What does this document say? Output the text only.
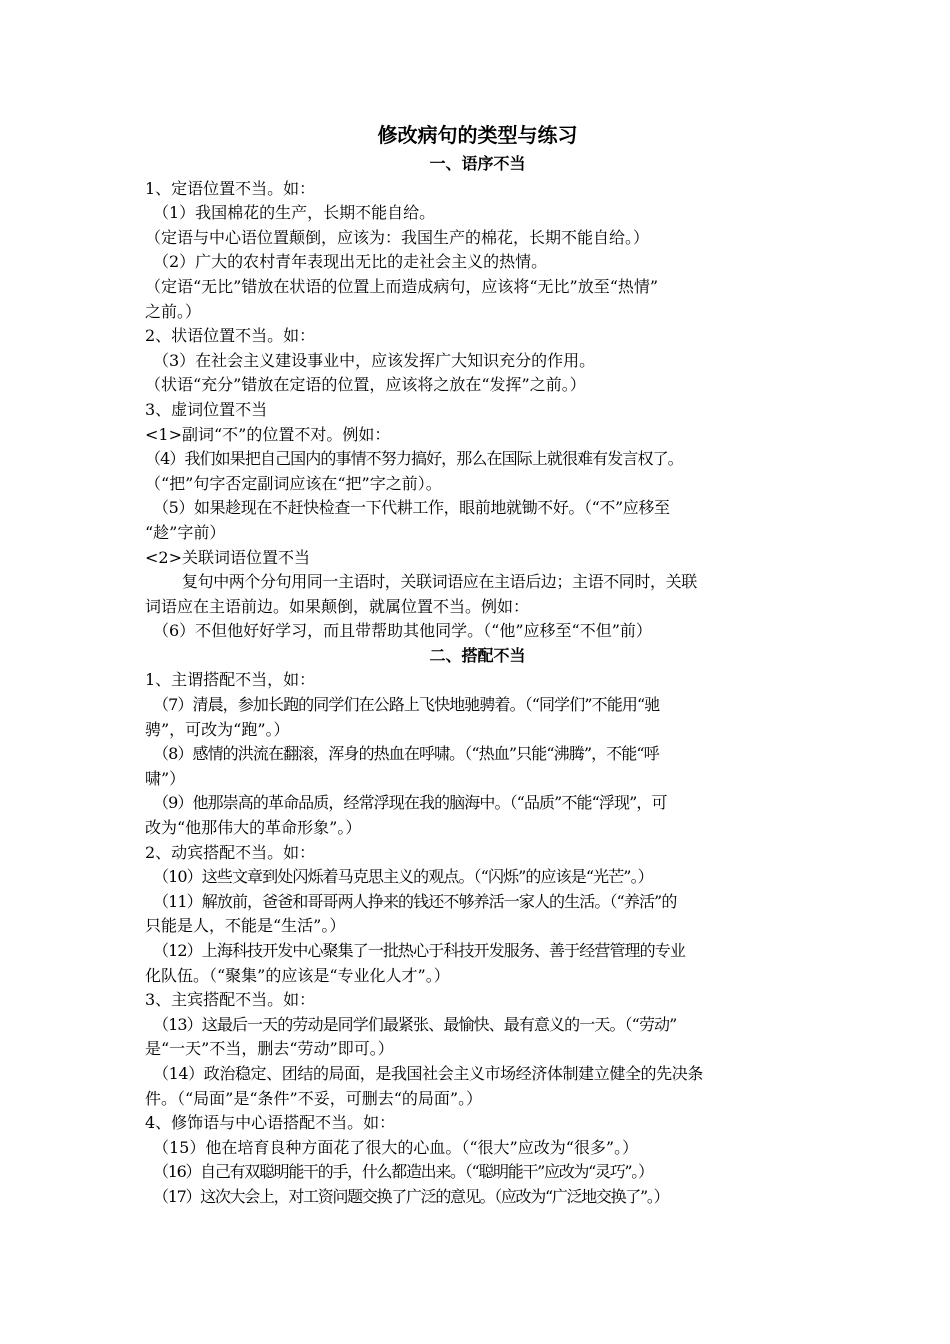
修改病句的类型与练习
一、语序不当
1、定语位置不当。如：
（1）我国棉花的生产，长期不能自给。
（定语与中心语位置颠倒，应该为：我国生产的棉花，长期不能自给。）
（2）广大的农村青年表现出无比的走社会主义的热情。
（定语“无比”错放在状语的位置上而造成病句，应该将“无比”放至“热情”
之前。）
2、状语位置不当。如：
（3）在社会主义建设事业中，应该发挥广大知识充分的作用。
（状语“充分”错放在定语的位置，应该将之放在“发挥”之前。）
3、虚词位置不当
<1>副词“不”的位置不对。例如：
（4）我们如果把自己国内的事情不努力搞好，那么在国际上就很难有发言权了。
（“把”句字否定副词应该在“把”字之前）。
（5）如果趁现在不赶快检查一下代耕工作，眼前地就锄不好。（“不”应移至
“趁”字前）
<2>关联词语位置不当
复句中两个分句用同一主语时，关联词语应在主语后边；主语不同时，关联
词语应在主语前边。如果颠倒，就属位置不当。例如：
（6）不但他好好学习，而且带帮助其他同学。（“他”应移至“不但”前）
二、搭配不当
1、主谓搭配不当，如：
（7）清晨，参加长跑的同学们在公路上飞快地驰骋着。（“同学们”不能用“驰
骋”，可改为“跑”。）
（8）感情的洪流在翻滚，浑身的热血在呼啸。（“热血”只能“沸腾”，不能“呼
啸”）
（9）他那崇高的革命品质，经常浮现在我的脑海中。（“品质”不能“浮现”，可
改为“他那伟大的革命形象”。）
2、动宾搭配不当。如：
（10）这些文章到处闪烁着马克思主义的观点。（“闪烁”的应该是“光芒”。）
（11）解放前，爸爸和哥哥两人挣来的钱还不够养活一家人的生活。（“养活”的
只能是人，不能是“生活”。）
（12）上海科技开发中心聚集了一批热心于科技开发服务、善于经营管理的专业
化队伍。（“聚集”的应该是“专业化人才”。）
3、主宾搭配不当。如：
（13）这最后一天的劳动是同学们最紧张、最愉快、最有意义的一天。（“劳动”
是“一天”不当，删去“劳动”即可。）
（14）政治稳定、团结的局面，是我国社会主义市场经济体制建立健全的先决条
件。（“局面”是“条件”不妥，可删去“的局面”。）
4、修饰语与中心语搭配不当。如：
（15）他在培育良种方面花了很大的心血。（“很大”应改为“很多”。）
（16）自己有双聪明能干的手，什么都造出来。（“聪明能干”应改为“灵巧”。）
（17）这次大会上，对工资问题交换了广泛的意见。（应改为“广泛地交换了”。）
